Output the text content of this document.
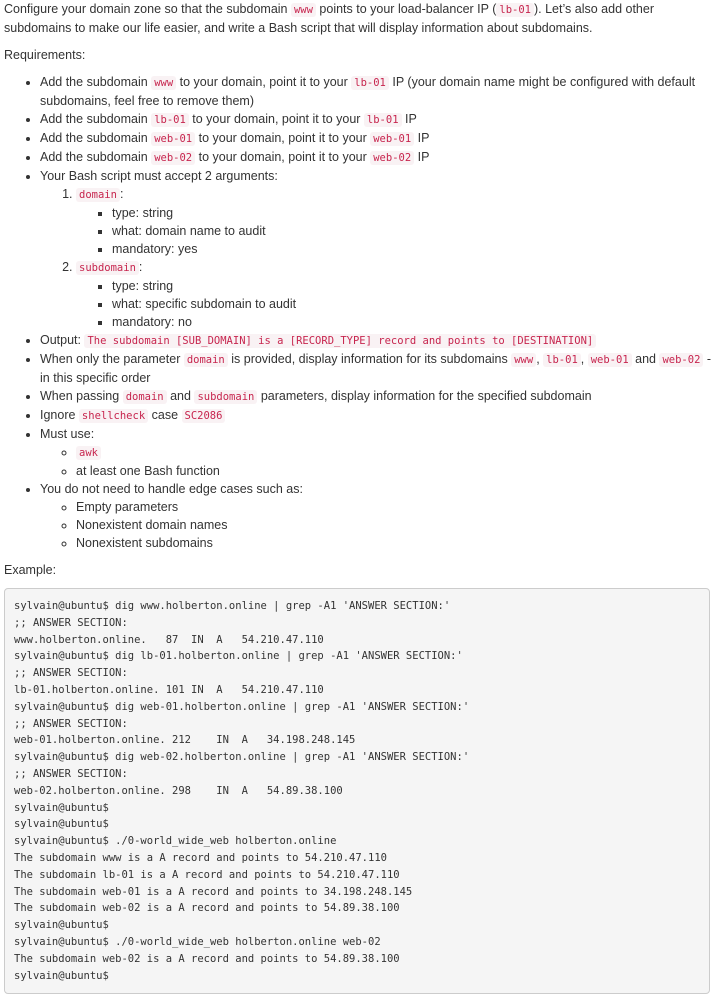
Configure your domain zone so that the subdomain www points to your load-balancer IP ( lb-01 ). Let’s also add other subdomains to make our life easier, and write a Bash script that will display information about subdomains.

Requirements:

• Add the subdomain www to your domain, point it to your lb-01 IP (your domain name might be configured with default subdomains, feel free to remove them)
• Add the subdomain lb-01 to your domain, point it to your lb-01 IP
• Add the subdomain web-01 to your domain, point it to your web-01 IP
• Add the subdomain web-02 to your domain, point it to your web-02 IP
• Your Bash script must accept 2 arguments:
1. domain :
▪ type: string
▪ what: domain name to audit
▪ mandatory: yes
2. subdomain :
▪ type: string
▪ what: specific subdomain to audit
▪ mandatory: no
• Output: The subdomain [SUB_DOMAIN] is a [RECORD_TYPE] record and points to [DESTINATION]
• When only the parameter domain is provided, display information for its subdomains www , lb-01 , web-01 and web-02 - in this specific order
• When passing domain and subdomain parameters, display information for the specified subdomain
• Ignore shellcheck case SC2086
• Must use:
◦ awk
◦ at least one Bash function
• You do not need to handle edge cases such as:
◦ Empty parameters
◦ Nonexistent domain names
◦ Nonexistent subdomains

Example:

sylvain@ubuntu$ dig www.holberton.online | grep -A1 'ANSWER SECTION:'
;; ANSWER SECTION:
www.holberton.online.   87  IN  A   54.210.47.110
sylvain@ubuntu$ dig lb-01.holberton.online | grep -A1 'ANSWER SECTION:'
;; ANSWER SECTION:
lb-01.holberton.online. 101 IN  A   54.210.47.110
sylvain@ubuntu$ dig web-01.holberton.online | grep -A1 'ANSWER SECTION:'
;; ANSWER SECTION:
web-01.holberton.online. 212    IN  A   34.198.248.145
sylvain@ubuntu$ dig web-02.holberton.online | grep -A1 'ANSWER SECTION:'
;; ANSWER SECTION:
web-02.holberton.online. 298    IN  A   54.89.38.100
sylvain@ubuntu$
sylvain@ubuntu$
sylvain@ubuntu$ ./0-world_wide_web holberton.online
The subdomain www is a A record and points to 54.210.47.110
The subdomain lb-01 is a A record and points to 54.210.47.110
The subdomain web-01 is a A record and points to 34.198.248.145
The subdomain web-02 is a A record and points to 54.89.38.100
sylvain@ubuntu$
sylvain@ubuntu$ ./0-world_wide_web holberton.online web-02
The subdomain web-02 is a A record and points to 54.89.38.100
sylvain@ubuntu$
